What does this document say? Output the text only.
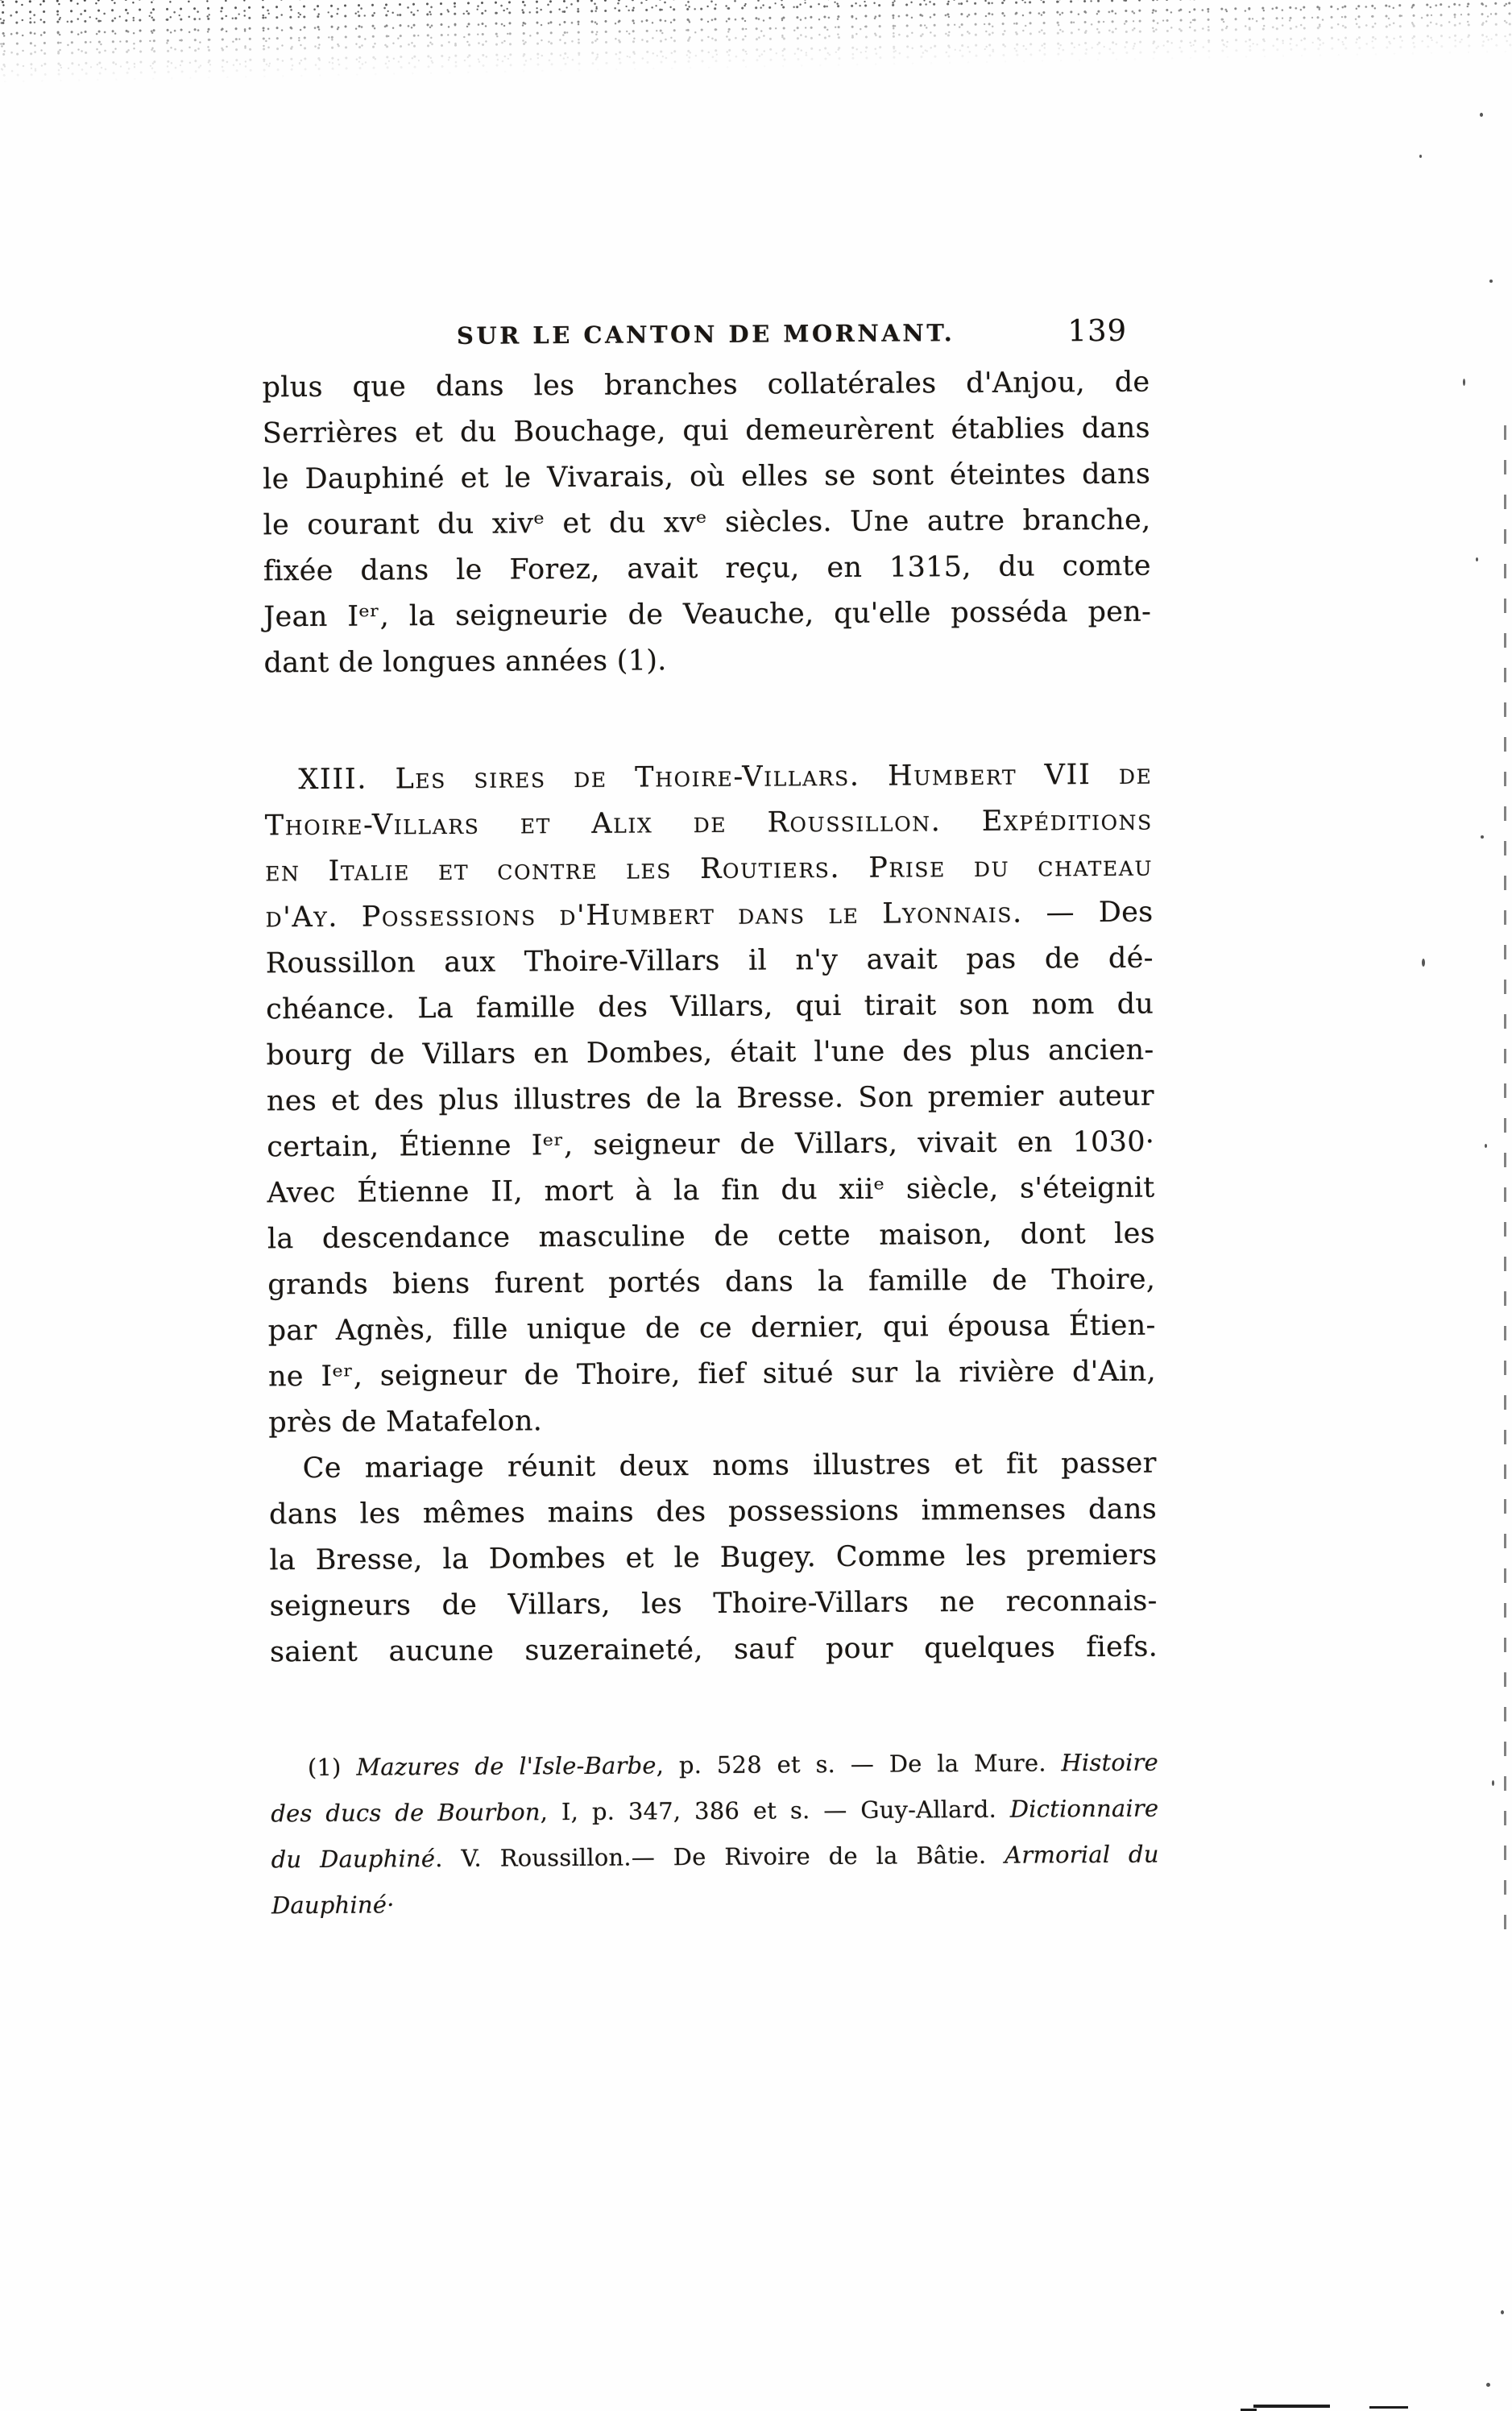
SUR LE CANTON DE MORNANT.	139
plus que dans les branches collatérales d'Anjou, de
Serrières et du Bouchage, qui demeurèrent établies dans
le Dauphiné et le Vivarais, où elles se sont éteintes dans
le courant du xivᵉ et du xvᵉ siècles. Une autre branche,
fixée dans le Forez, avait reçu, en 1315, du comte
Jean Iᵉʳ, la seigneurie de Veauche, qu'elle posséda pen-
dant de longues années (1).
XIII. Les sires de Thoire-Villars. Humbert VII de
Thoire-Villars et Alix de Roussillon. Expéditions
en Italie et contre les Routiers. Prise du chateau
d'Ay. Possessions d'Humbert dans le Lyonnais. — Des
Roussillon aux Thoire-Villars il n'y avait pas de dé-
chéance. La famille des Villars, qui tirait son nom du
bourg de Villars en Dombes, était l'une des plus ancien-
nes et des plus illustres de la Bresse. Son premier auteur
certain, Étienne Iᵉʳ, seigneur de Villars, vivait en 1030·
Avec Étienne II, mort à la fin du xiiᵉ siècle, s'éteignit
la descendance masculine de cette maison, dont les
grands biens furent portés dans la famille de Thoire,
par Agnès, fille unique de ce dernier, qui épousa Étien-
ne Iᵉʳ, seigneur de Thoire, fief situé sur la rivière d'Ain,
près de Matafelon.
Ce mariage réunit deux noms illustres et fit passer
dans les mêmes mains des possessions immenses dans
la Bresse, la Dombes et le Bugey. Comme les premiers
seigneurs de Villars, les Thoire-Villars ne reconnais-
saient aucune suzeraineté, sauf pour quelques fiefs.
(1) Mazures de l'Isle-Barbe, p. 528 et s. — De la Mure. Histoire
des ducs de Bourbon, I, p. 347, 386 et s. — Guy-Allard. Dictionnaire
du Dauphiné. V. Roussillon.— De Rivoire de la Bâtie. Armorial du
Dauphiné·
